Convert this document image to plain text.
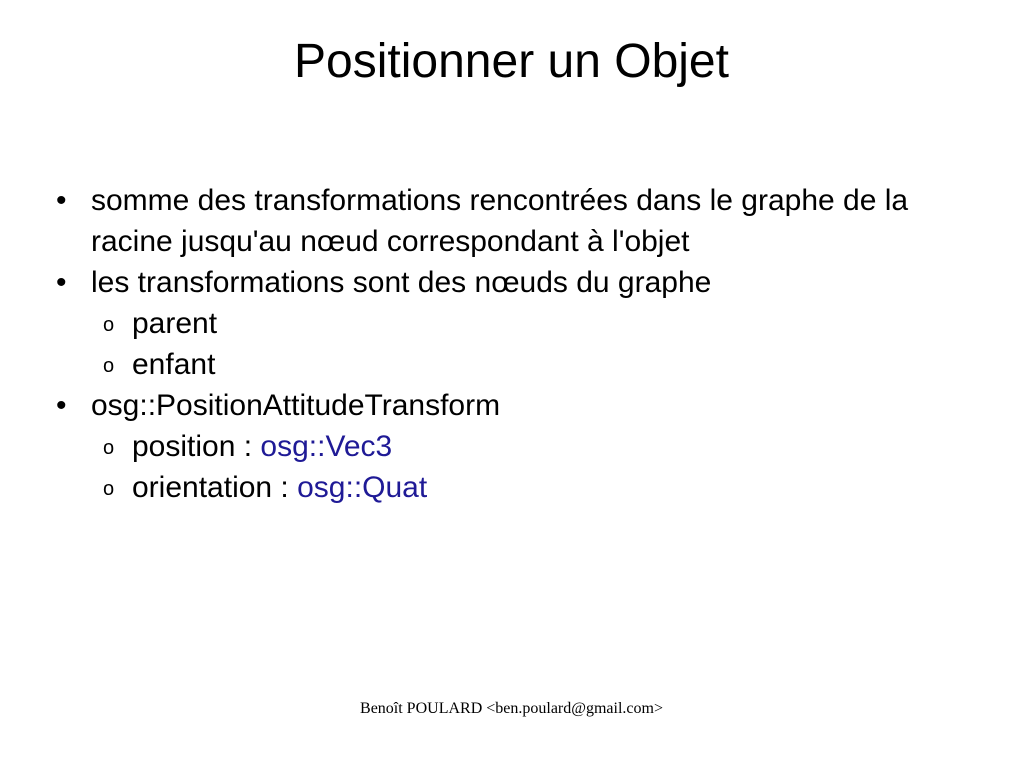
Positionner un Objet
• somme des transformations rencontrées dans le graphe de la racine jusqu'au nœud correspondant à l'objet
• les transformations sont des nœuds du graphe
o parent
o enfant
• osg::PositionAttitudeTransform
o position : osg::Vec3
o orientation : osg::Quat
Benoît POULARD <ben.poulard@gmail.com>
